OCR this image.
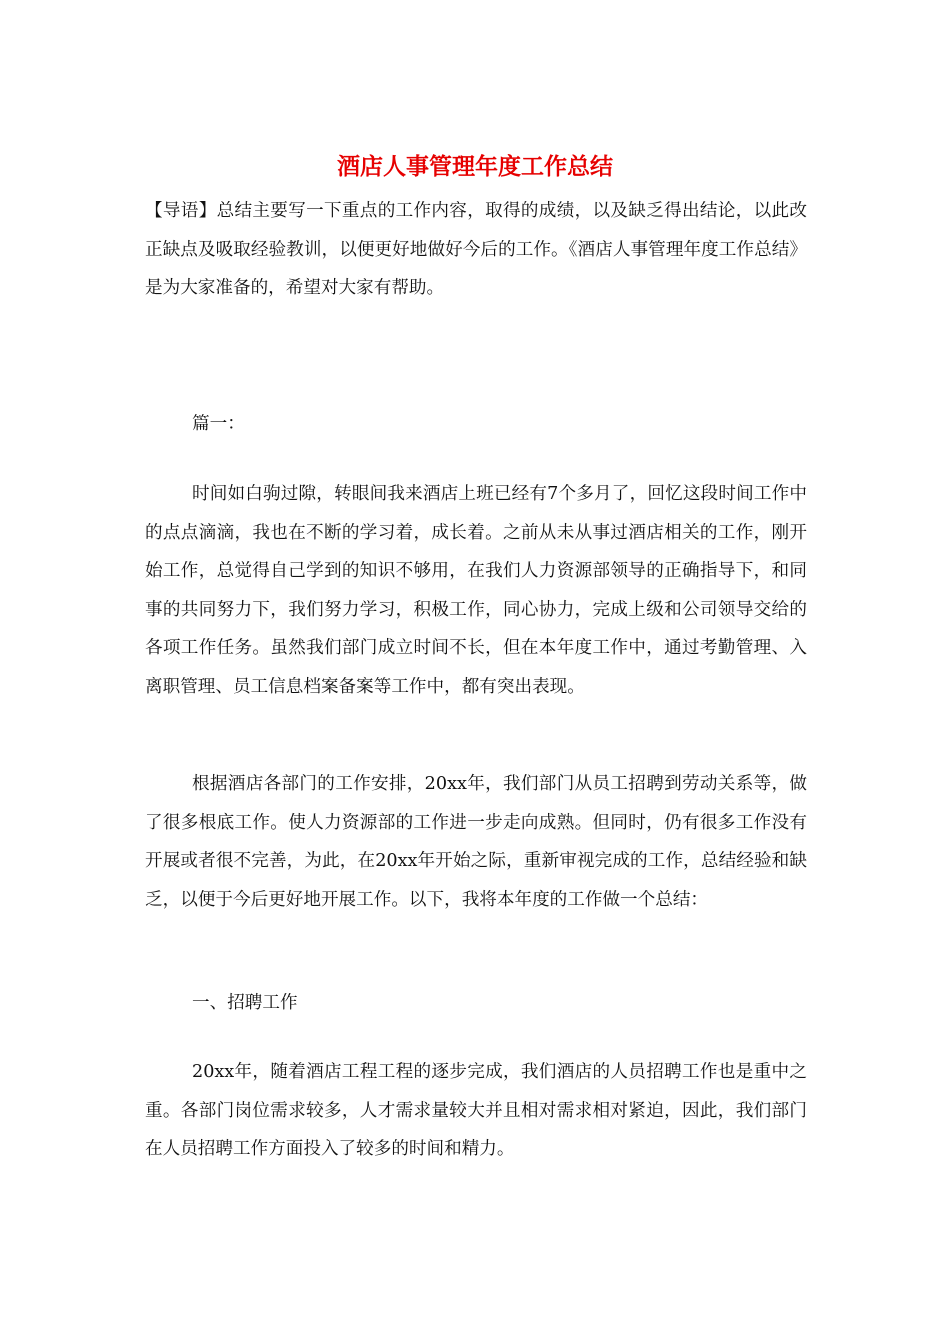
酒店人事管理年度工作总结

【导语】总结主要写一下重点的工作内容，取得的成绩，以及缺乏得出结论，以此改正缺点及吸取经验教训，以便更好地做好今后的工作。《酒店人事管理年度工作总结》是为大家准备的，希望对大家有帮助。

篇一：

时间如白驹过隙，转眼间我来酒店上班已经有7个多月了，回忆这段时间工作中的点点滴滴，我也在不断的学习着，成长着。之前从未从事过酒店相关的工作，刚开始工作，总觉得自己学到的知识不够用，在我们人力资源部领导的正确指导下，和同事的共同努力下，我们努力学习，积极工作，同心协力，完成上级和公司领导交给的各项工作任务。虽然我们部门成立时间不长，但在本年度工作中，通过考勤管理、入离职管理、员工信息档案备案等工作中，都有突出表现。

根据酒店各部门的工作安排，20xx年，我们部门从员工招聘到劳动关系等，做了很多根底工作。使人力资源部的工作进一步走向成熟。但同时，仍有很多工作没有开展或者很不完善，为此，在20xx年开始之际，重新审视完成的工作，总结经验和缺乏，以便于今后更好地开展工作。以下，我将本年度的工作做一个总结：

一、招聘工作

20xx年，随着酒店工程工程的逐步完成，我们酒店的人员招聘工作也是重中之重。各部门岗位需求较多，人才需求量较大并且相对需求相对紧迫，因此，我们部门在人员招聘工作方面投入了较多的时间和精力。
